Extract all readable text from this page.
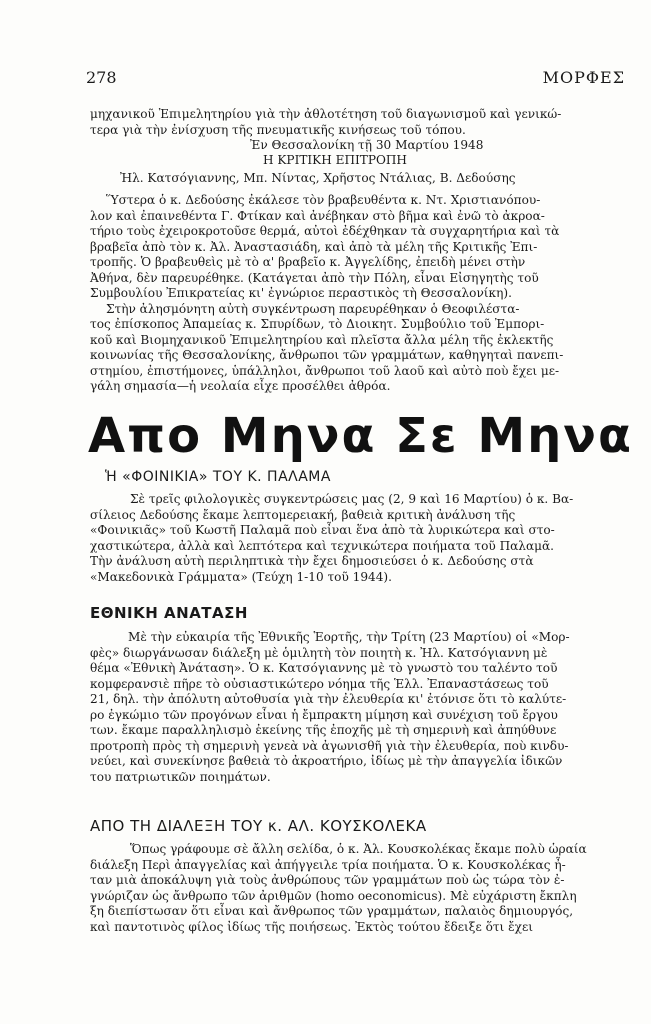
278	ΜΟΡΦΕΣ
μηχανικοῦ Ἐπιμελητηρίου γιὰ τὴν ἀθλοτέτηση τοῦ διαγωνισμοῦ καὶ γενικώ-
τερα γιὰ τὴν ἐνίσχυση τῆς πνευματικῆς κινήσεως τοῦ τόπου.
Ἐν Θεσσαλονίκη τῇ 30 Μαρτίου 1948
Η ΚΡΙΤΙΚΗ ΕΠΙΤΡΟΠΗ
Ἠλ. Κατσόγιαννης, Μπ. Νίντας, Χρῆστος Ντάλιας, Β. Δεδούσης
Ὕστερα ὁ κ. Δεδούσης ἐκάλεσε τὸν βραβευθέντα κ. Ντ. Χριστιανόπου-
λον καὶ ἐπαινεθέντα Γ. Φτίκαν καὶ ἀνέβηκαν στὸ βῆμα καὶ ἐνῶ τὸ ἀκροα-
τήριο τοὺς ἐχειροκροτοῦσε θερμά, αὐτοὶ ἐδέχθηκαν τὰ συγχαρητήρια καὶ τὰ
βραβεῖα ἀπὸ τὸν κ. Ἀλ. Ἀναστασιάδη, καὶ ἀπὸ τὰ μέλη τῆς Κριτικῆς Ἐπι-
τροπῆς. Ὁ βραβευθεὶς μὲ τὸ α' βραβεῖο κ. Ἀγγελίδης, ἐπειδὴ μένει στὴν
Ἀθήνα, δὲν παρευρέθηκε. (Κατάγεται ἀπὸ τὴν Πόλη, εἶναι Εἰσηγητὴς τοῦ
Συμβουλίου Ἐπικρατείας κι' ἐγνώριοε περαστικὸς τὴ Θεσσαλονίκη).
Στὴν ἀλησμόνητη αὐτὴ συγκέντρωση παρευρέθηκαν ὁ Θεοφιλέστα-
τος ἐπίσκοπος Ἀπαμείας κ. Σπυρίδων, τὸ Διοικητ. Συμβούλιο τοῦ Ἐμπορι-
κοῦ καὶ Βιομηχανικοῦ Ἐπιμελητηρίου καὶ πλεῖστα ἄλλα μέλη τῆς ἐκλεκτῆς
κοινωνίας τῆς Θεσσαλονίκης, ἄνθρωποι τῶν γραμμάτων, καθηγηταὶ πανεπι-
στημίου, ἐπιστήμονες, ὑπάλληλοι, ἄνθρωποι τοῦ λαοῦ καὶ αὐτὸ ποὺ ἔχει με-
γάλη σημασία—ἡ νεολαία εἶχε προσέλθει ἀθρόα.
Απο Μηνα Σε Μηνα
Ἡ «ΦΟΙΝΙΚΙΑ» ΤΟΥ Κ. ΠΑΛΑΜΑ
Σὲ τρεῖς φιλολογικὲς συγκεντρώσεις μας (2, 9 καὶ 16 Μαρτίου) ὁ κ. Βα-
σίλειος Δεδούσης ἔκαμε λεπτομερειακή, βαθειὰ κριτικὴ ἀνάλυση τῆς
«Φοινικιᾶς» τοῦ Κωστῆ Παλαμᾶ ποὺ εἶναι ἕνα ἀπὸ τὰ λυρικώτερα καὶ στο-
χαστικώτερα, ἀλλὰ καὶ λεπτότερα καὶ τεχνικώτερα ποιήματα τοῦ Παλαμᾶ.
Τὴν ἀνάλυση αὐτὴ περιληπτικὰ τὴν ἔχει δημοσιεύσει ὁ κ. Δεδούσης στὰ
«Μακεδονικὰ Γράμματα» (Τεύχη 1-10 τοῦ 1944).
ΕΘΝΙΚΗ ΑΝΑΤΑΣΗ
Μὲ τὴν εὐκαιρία τῆς Ἐθνικῆς Ἑορτῆς, τὴν Τρίτη (23 Μαρτίου) οἱ «Μορ-
φὲς» διωργάνωσαν διάλεξη μὲ ὁμιλητὴ τὸν ποιητὴ κ. Ἠλ. Κατσόγιαννη μὲ
θέμα «Ἐθνικὴ Ἀνάταση». Ὁ κ. Κατσόγιαννης μὲ τὸ γνωστὸ του ταλέντο τοῦ
κομφερανσιὲ πῆρε τὸ οὐσιαστικώτερο νόημα τῆς Ἑλλ. Ἐπαναστάσεως τοῦ
21, δηλ. τὴν ἀπόλυτη αὐτοθυσία γιὰ τὴν ἐλευθερία κι' ἐτόνισε ὅτι τὸ καλύτε-
ρο ἐγκώμιο τῶν προγόνων εἶναι ἡ ἔμπρακτη μίμηση καὶ συνέχιση τοῦ ἔργου
των. ἔκαμε παραλληλισμὸ ἐκείνης τῆς ἐποχῆς μὲ τὴ σημερινὴ καὶ ἀπηύθυνε
προτροπὴ πρὸς τὴ σημερινὴ γενεὰ νὰ ἀγωνισθῆ γιὰ τὴν ἐλευθερία, ποὺ κινδυ-
νεύει, καὶ συνεκίνησε βαθειὰ τὸ ἀκροατήριο, ἰδίως μὲ τὴν ἀπαγγελία ἰδικῶν
του πατριωτικῶν ποιημάτων.
ΑΠΟ ΤΗ ΔΙΑΛΕΞΗ ΤΟΥ κ. ΑΛ. ΚΟΥΣΚΟΛΕΚΑ
Ὅπως γράφουμε σὲ ἄλλη σελίδα, ὁ κ. Ἀλ. Κουσκολέκας ἔκαμε πολὺ ὡραία
διάλεξη Περὶ ἀπαγγελίας καὶ ἀπήγγειλε τρία ποιήματα. Ὁ κ. Κουσκολέκας ἦ-
ταν μιὰ ἀποκάλυψη γιὰ τοὺς ἀνθρώπους τῶν γραμμάτων ποὺ ὡς τώρα τὸν ἐ-
γνώριζαν ὡς ἄνθρωπο τῶν ἀριθμῶν (homo oeconomicus). Μὲ εὐχάριστη ἔκπλη
ξη διεπίστωσαν ὅτι εἶναι καὶ ἄνθρωπος τῶν γραμμάτων, παλαιὸς δημιουργός,
καὶ παντοτινὸς φίλος ἰδίως τῆς ποιήσεως. Ἐκτὸς τούτου ἔδειξε ὅτι ἔχει
